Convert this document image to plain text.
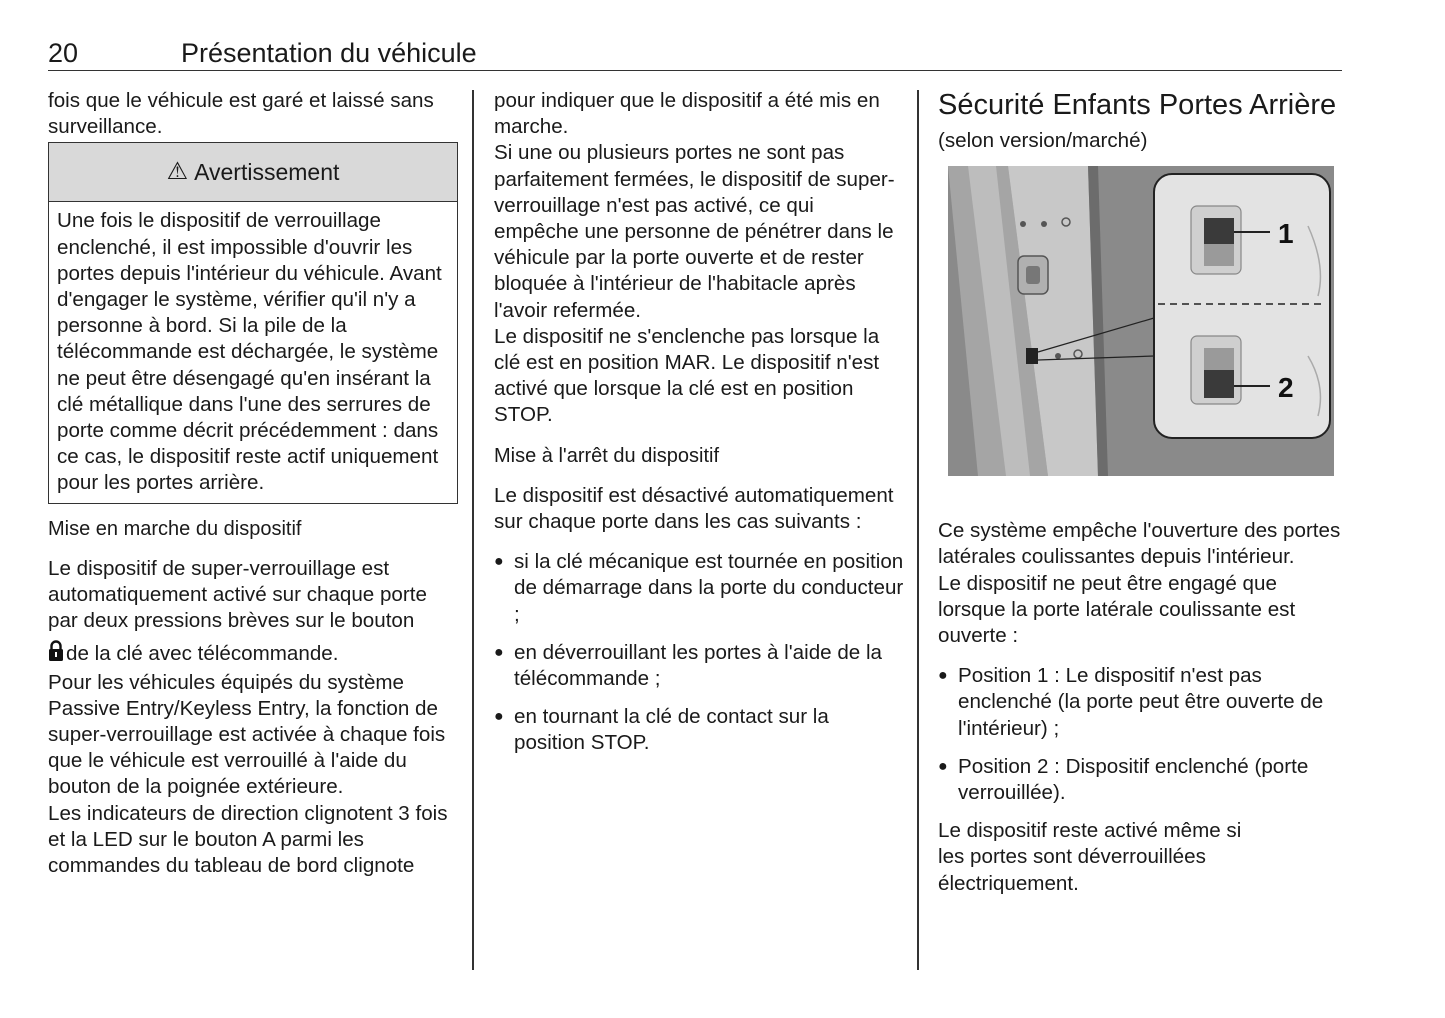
20	Présentation du véhicule

fois que le véhicule est garé et laissé sans surveillance.

⚠ Avertissement

Une fois le dispositif de verrouillage enclenché, il est impossible d'ouvrir les portes depuis l'intérieur du véhicule. Avant d'engager le système, vérifier qu'il n'y a personne à bord. Si la pile de la télécommande est déchargée, le système ne peut être désengagé qu'en insérant la clé métallique dans l'une des serrures de porte comme décrit précédemment : dans ce cas, le dispositif reste actif uniquement pour les portes arrière.

Mise en marche du dispositif

Le dispositif de super-verrouillage est automatiquement activé sur chaque porte par deux pressions brèves sur le bouton

de la clé avec télécommande.

Pour les véhicules équipés du système Passive Entry/Keyless Entry, la fonction de super-verrouillage est activée à chaque fois que le véhicule est verrouillé à l'aide du bouton de la poignée extérieure.

Les indicateurs de direction clignotent 3 fois et la LED sur le bouton A parmi les commandes du tableau de bord clignote

pour indiquer que le dispositif a été mis en marche.

Si une ou plusieurs portes ne sont pas parfaitement fermées, le dispositif de super-verrouillage n'est pas activé, ce qui empêche une personne de pénétrer dans le véhicule par la porte ouverte et de rester bloquée à l'intérieur de l'habitacle après l'avoir refermée.

Le dispositif ne s'enclenche pas lorsque la clé est en position MAR. Le dispositif n'est activé que lorsque la clé est en position STOP.

Mise à l'arrêt du dispositif

Le dispositif est désactivé automatiquement sur chaque porte dans les cas suivants :

● si la clé mécanique est tournée en position de démarrage dans la porte du conducteur ;
● en déverrouillant les portes à l'aide de la télécommande ;
● en tournant la clé de contact sur la position STOP.

Sécurité Enfants Portes Arrière

(selon version/marché)

1
2

Ce système empêche l'ouverture des portes latérales coulissantes depuis l'intérieur.

Le dispositif ne peut être engagé que lorsque la porte latérale coulissante est ouverte :

● Position 1 : Le dispositif n'est pas enclenché (la porte peut être ouverte de l'intérieur) ;
● Position 2 : Dispositif enclenché (porte verrouillée).

Le dispositif reste activé même si les portes sont déverrouillées électriquement.
